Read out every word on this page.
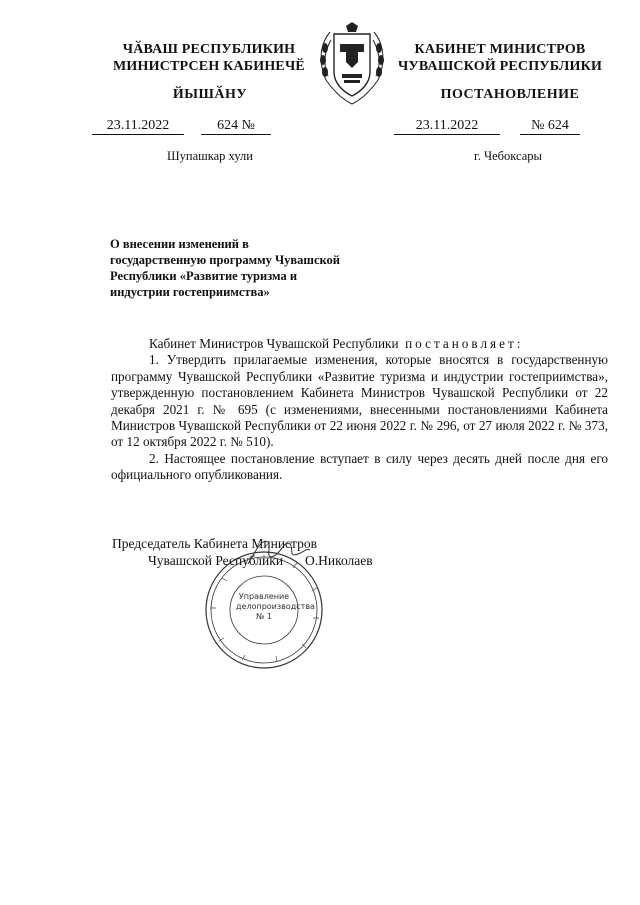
ЧӐВАШ РЕСПУБЛИКИН
МИНИСТРСЕН КАБИНЕЧӖ
КАБИНЕТ МИНИСТРОВ
ЧУВАШСКОЙ РЕСПУБЛИКИ
ЙЫШӐНУ	ПОСТАНОВЛЕНИЕ
23.11.2022	624 №	23.11.2022	№ 624
Шупашкар хули	г. Чебоксары
О внесении изменений в государственную программу Чувашской Республики «Развитие туризма и индустрии гостеприимства»

Кабинет Министров Чувашской Республики постановляет:

1. Утвердить прилагаемые изменения, которые вносятся в государственную программу Чувашской Республики «Развитие туризма и индустрии гостеприимства», утвержденную постановлением Кабинета Министров Чувашской Республики от 22 декабря 2021 г. № 695 (с изменениями, внесенными постановлениями Кабинета Министров Чувашской Республики от 22 июня 2022 г. № 296, от 27 июля 2022 г. № 373, от 12 октября 2022 г. № 510).

2. Настоящее постановление вступает в силу через десять дней после дня его официального опубликования.

Управление
делопроизводства
№ 1
Председатель Кабинета Министров
Чувашской Республики О.Николаев
